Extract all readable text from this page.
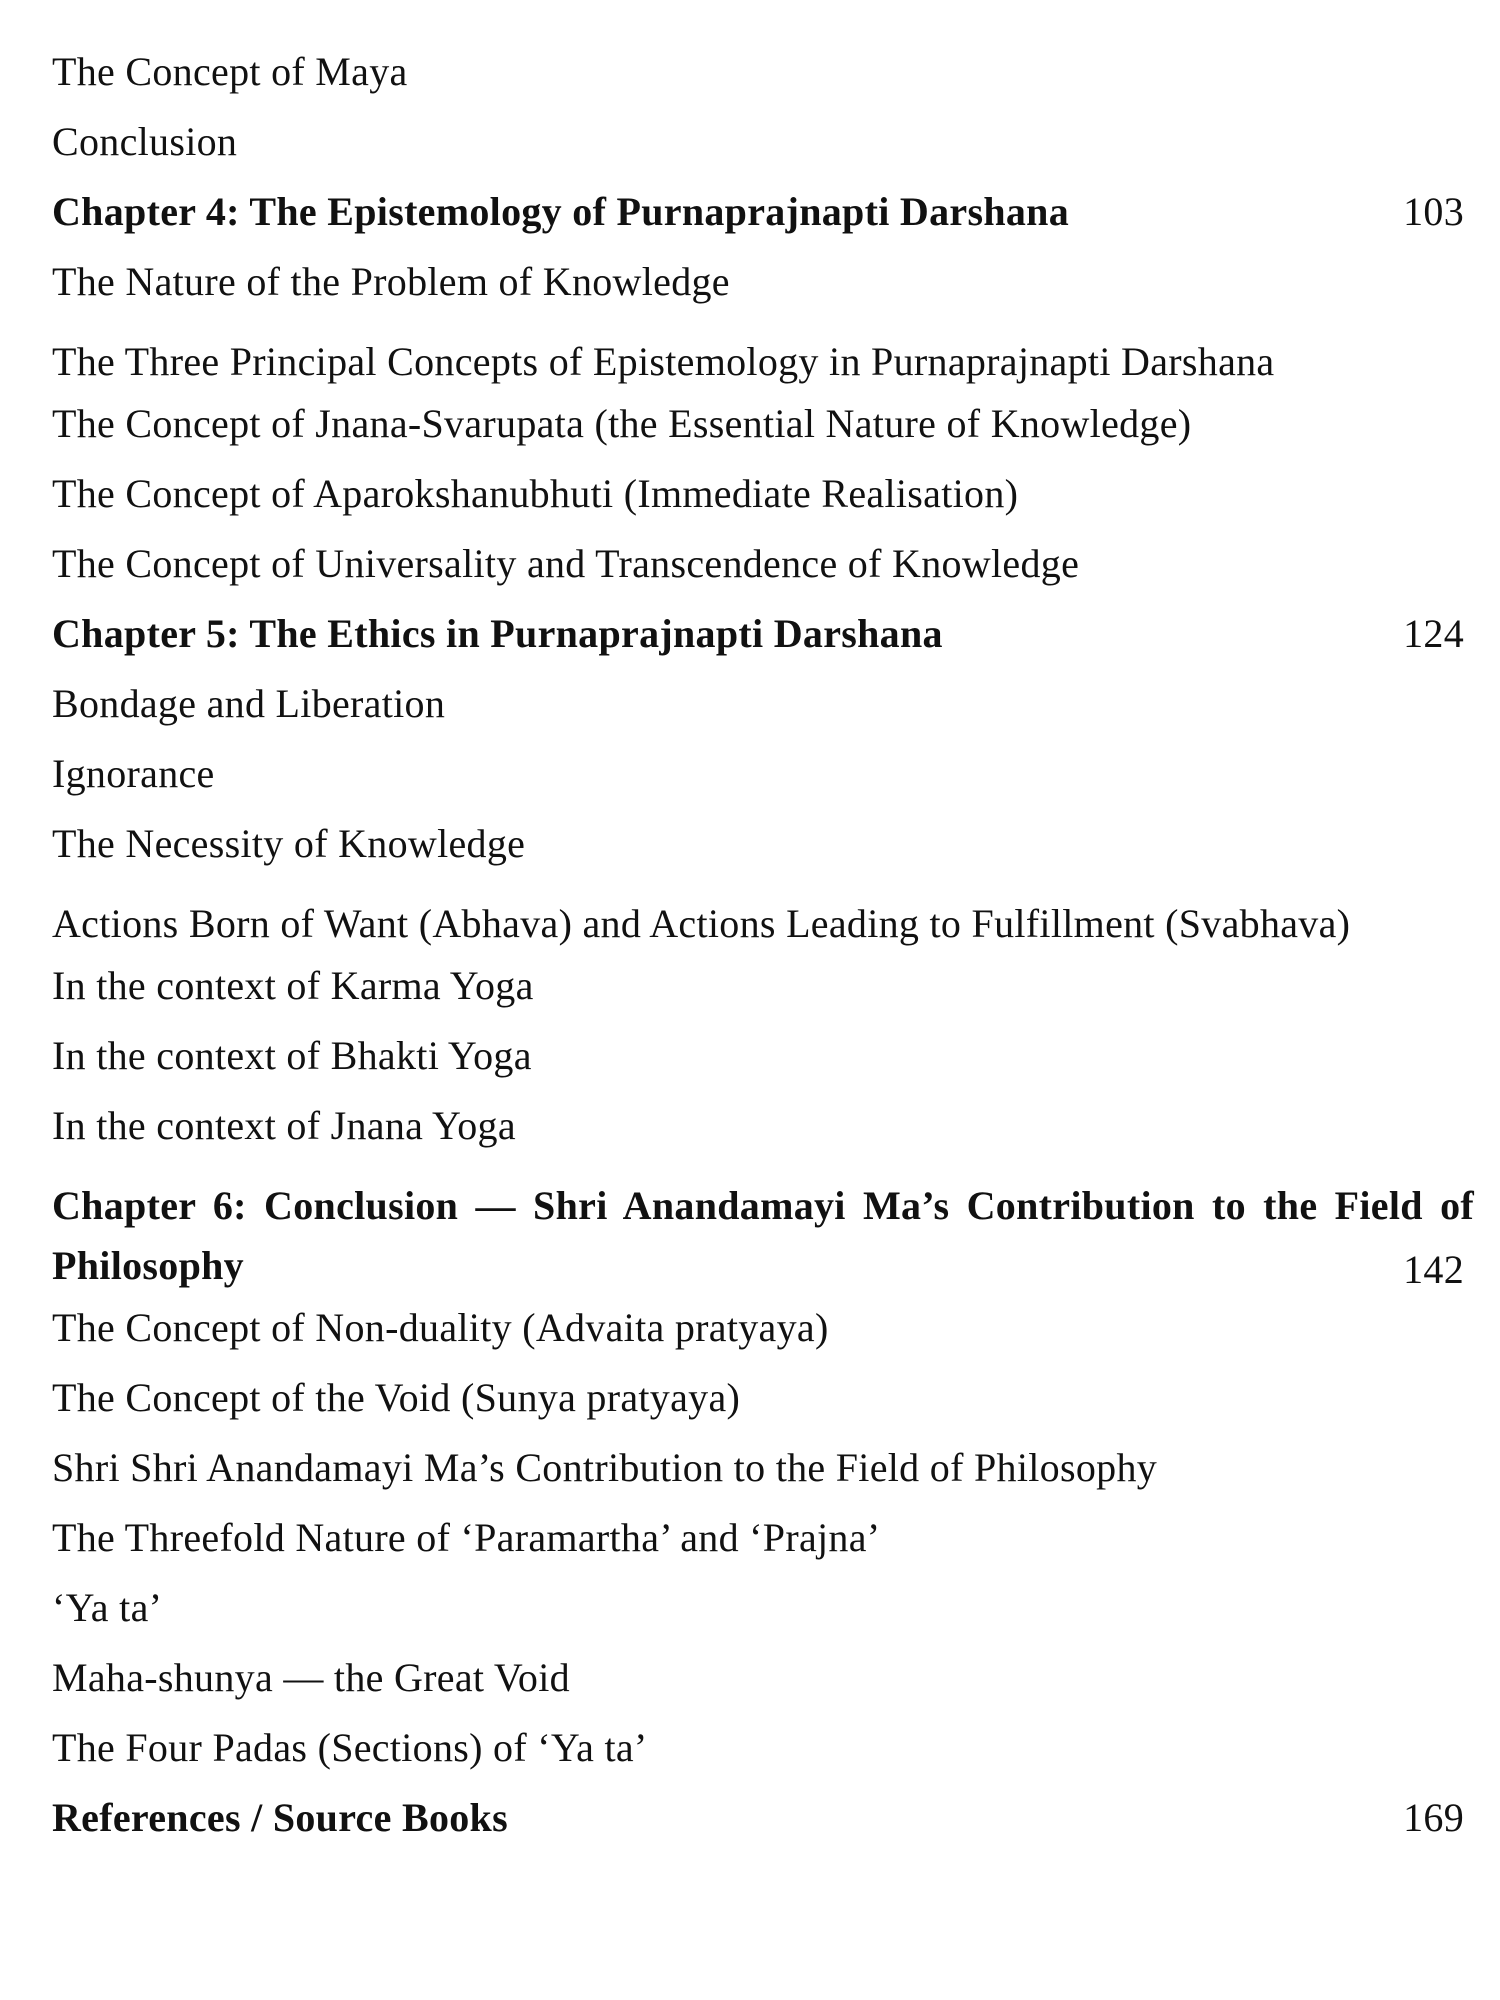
The Concept of Maya
Conclusion
Chapter 4: The Epistemology of Purnaprajnapti Darshana	103
The Nature of the Problem of Knowledge
The Three Principal Concepts of Epistemology in Purnaprajnapti Darshana
The Concept of Jnana-Svarupata (the Essential Nature of Knowledge)
The Concept of Aparokshanubhuti (Immediate Realisation)
The Concept of Universality and Transcendence of Knowledge
Chapter 5: The Ethics in Purnaprajnapti Darshana	124
Bondage and Liberation
Ignorance
The Necessity of Knowledge
Actions Born of Want (Abhava) and Actions Leading to Fulfillment (Svabhava)
In the context of Karma Yoga
In the context of Bhakti Yoga
In the context of Jnana Yoga
Chapter 6: Conclusion — Shri Anandamayi Ma’s Contribution to the Field of Philosophy	142
The Concept of Non-duality (Advaita pratyaya)
The Concept of the Void (Sunya pratyaya)
Shri Shri Anandamayi Ma’s Contribution to the Field of Philosophy
The Threefold Nature of ‘Paramartha’ and ‘Prajna’
‘Ya ta’
Maha-shunya — the Great Void
The Four Padas (Sections) of ‘Ya ta’
References / Source Books	169
